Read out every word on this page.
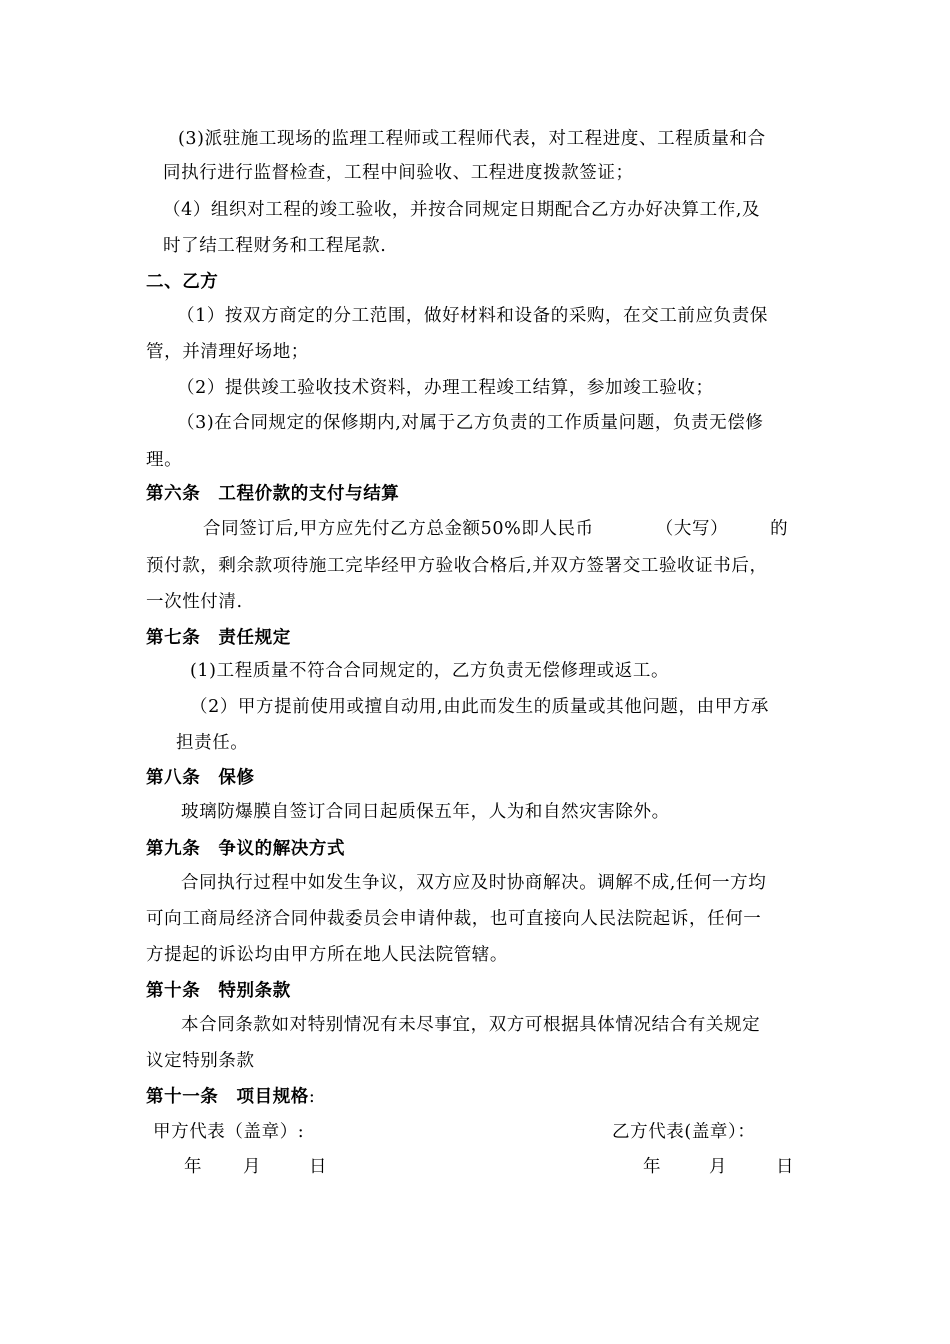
(3)派驻施工现场的监理工程师或工程师代表，对工程进度、工程质量和合
同执行进行监督检查，工程中间验收、工程进度拨款签证；
（4）组织对工程的竣工验收，并按合同规定日期配合乙方办好决算工作,及
时了结工程财务和工程尾款.
二、乙方
（1）按双方商定的分工范围，做好材料和设备的采购，在交工前应负责保
管，并清理好场地；
（2）提供竣工验收技术资料，办理工程竣工结算，参加竣工验收；
（3)在合同规定的保修期内,对属于乙方负责的工作质量问题，负责无偿修
理。
第六条　工程价款的支付与结算
合同签订后,甲方应先付乙方总金额50%即人民币	（大写） 的
预付款，剩余款项待施工完毕经甲方验收合格后,并双方签署交工验收证书后，
一次性付清.
第七条　责任规定
(1)工程质量不符合合同规定的，乙方负责无偿修理或返工。
（2）甲方提前使用或擅自动用,由此而发生的质量或其他问题，由甲方承
担责任。
第八条　保修
玻璃防爆膜自签订合同日起质保五年，人为和自然灾害除外。
第九条　争议的解决方式
合同执行过程中如发生争议，双方应及时协商解决。调解不成,任何一方均
可向工商局经济合同仲裁委员会申请仲裁，也可直接向人民法院起诉，任何一
方提起的诉讼均由甲方所在地人民法院管辖。
第十条　特别条款
本合同条款如对特别情况有未尽事宜，双方可根据具体情况结合有关规定
议定特别条款
第十一条　项目规格:
甲方代表（盖章）:	乙方代表(盖章）：
年 月	日	年	月	日
